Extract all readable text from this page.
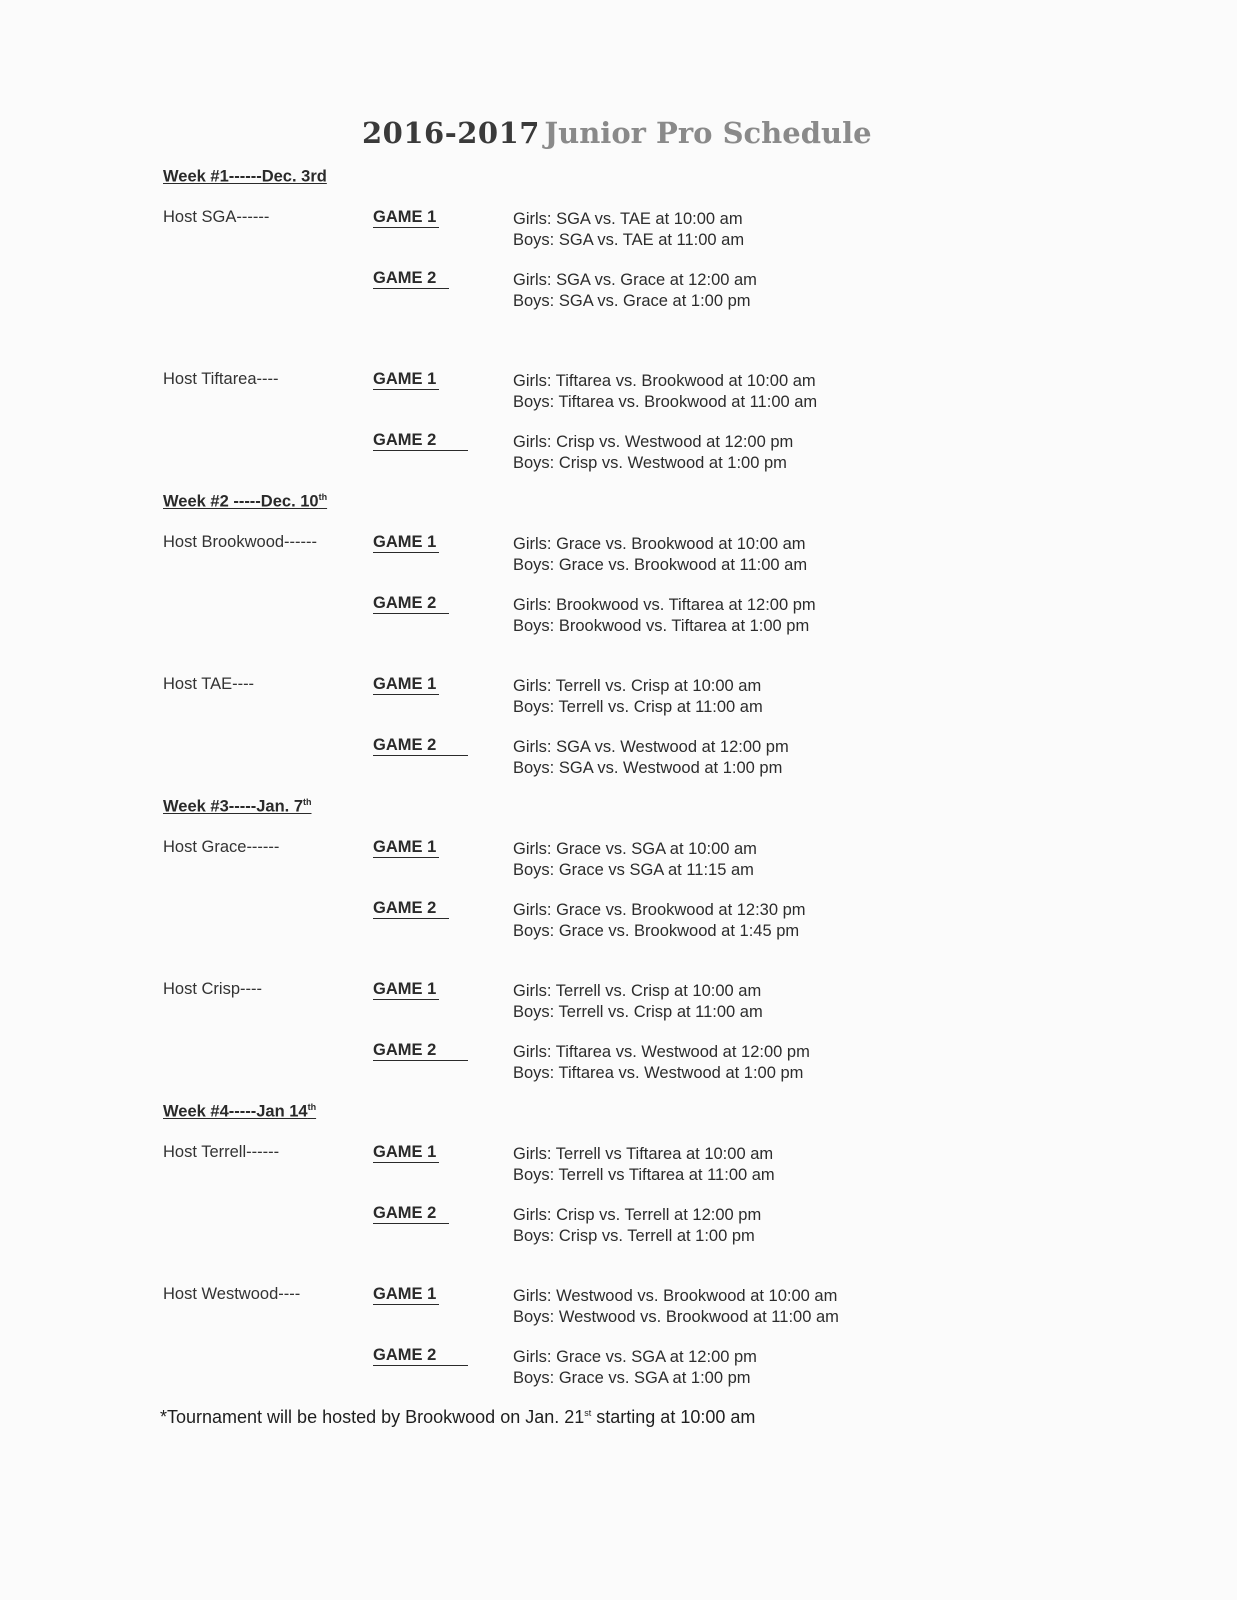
2016-2017 Junior Pro Schedule
Week #1------Dec. 3rd
Host SGA------	GAME 1	Girls: SGA vs. TAE at 10:00 am
Boys: SGA vs. TAE at 11:00 am
GAME 2	Girls: SGA vs. Grace at 12:00 am
Boys: SGA vs. Grace at 1:00 pm
Host Tiftarea----	GAME 1	Girls: Tiftarea vs. Brookwood at 10:00 am
Boys: Tiftarea vs. Brookwood at 11:00 am
GAME 2	Girls: Crisp vs. Westwood at 12:00 pm
Boys: Crisp vs. Westwood at 1:00 pm
Week #2 -----Dec. 10th
Host Brookwood------	GAME 1	Girls: Grace vs. Brookwood at 10:00 am
Boys: Grace vs. Brookwood at 11:00 am
GAME 2	Girls: Brookwood vs. Tiftarea at 12:00 pm
Boys: Brookwood vs. Tiftarea at 1:00 pm
Host TAE----	GAME 1	Girls: Terrell vs. Crisp at 10:00 am
Boys: Terrell vs. Crisp at 11:00 am
GAME 2	Girls: SGA vs. Westwood at 12:00 pm
Boys: SGA vs. Westwood at 1:00 pm
Week #3-----Jan. 7th
Host Grace------	GAME 1	Girls: Grace vs. SGA at 10:00 am
Boys: Grace vs SGA at 11:15 am
GAME 2	Girls: Grace vs. Brookwood at 12:30 pm
Boys: Grace vs. Brookwood at 1:45 pm
Host Crisp----	GAME 1	Girls: Terrell vs. Crisp at 10:00 am
Boys: Terrell vs. Crisp at 11:00 am
GAME 2	Girls: Tiftarea vs. Westwood at 12:00 pm
Boys: Tiftarea vs. Westwood at 1:00 pm
Week #4-----Jan 14th
Host Terrell------	GAME 1	Girls: Terrell vs Tiftarea at 10:00 am
Boys: Terrell vs Tiftarea at 11:00 am
GAME 2	Girls: Crisp vs. Terrell at 12:00 pm
Boys: Crisp vs. Terrell at 1:00 pm
Host Westwood----	GAME 1	Girls: Westwood vs. Brookwood at 10:00 am
Boys: Westwood vs. Brookwood at 11:00 am
GAME 2	Girls: Grace vs. SGA at 12:00 pm
Boys: Grace vs. SGA at 1:00 pm
*Tournament will be hosted by Brookwood on Jan. 21st starting at 10:00 am
